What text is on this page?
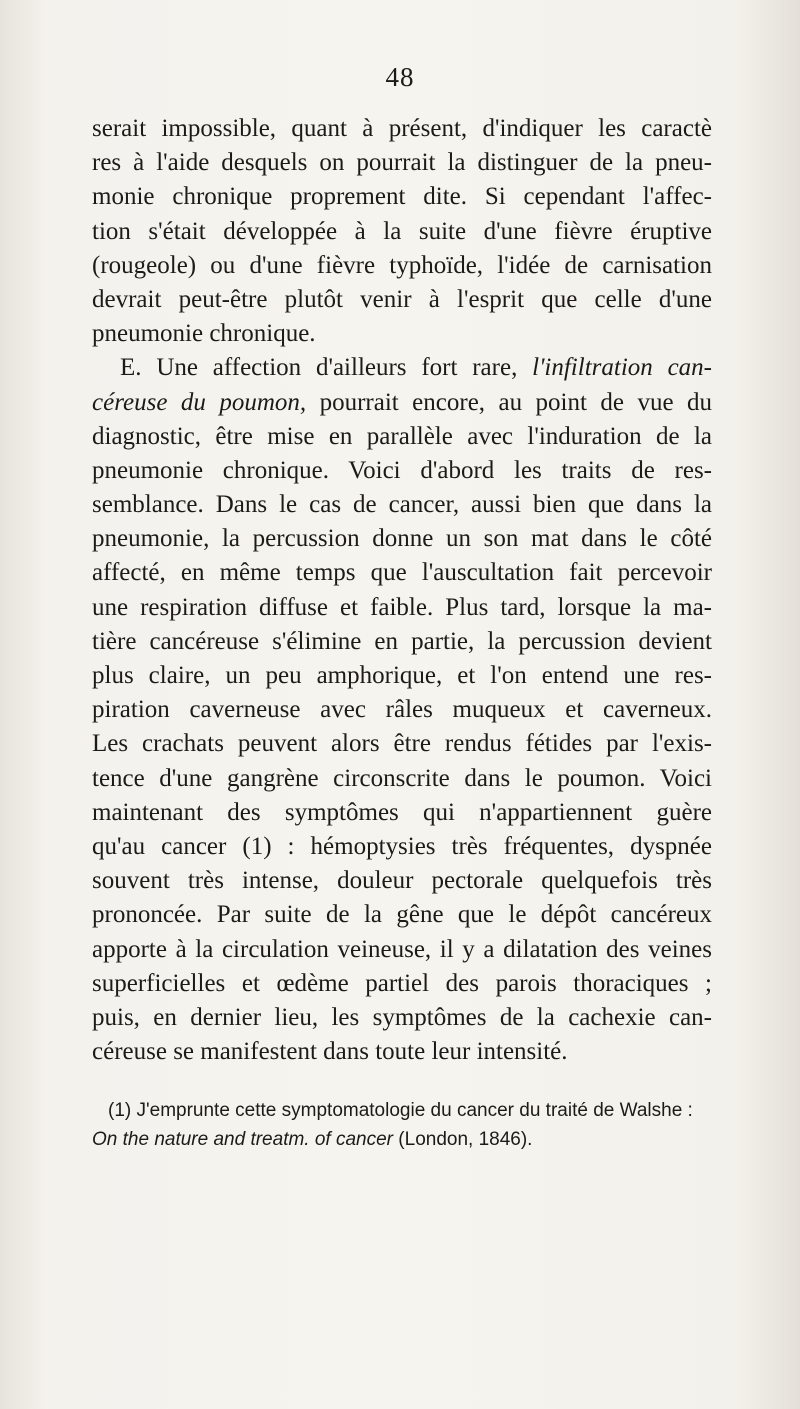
48
serait impossible, quant à présent, d'indiquer les caractè
res à l'aide desquels on pourrait la distinguer de la pneu-
monie chronique proprement dite. Si cependant l'affec-
tion s'était développée à la suite d'une fièvre éruptive
(rougeole) ou d'une fièvre typhoïde, l'idée de carnisation
devrait peut-être plutôt venir à l'esprit que celle d'une
pneumonie chronique.
E. Une affection d'ailleurs fort rare, l'infiltration can-
céreuse du poumon, pourrait encore, au point de vue du
diagnostic, être mise en parallèle avec l'induration de la
pneumonie chronique. Voici d'abord les traits de res-
semblance. Dans le cas de cancer, aussi bien que dans la
pneumonie, la percussion donne un son mat dans le côté
affecté, en même temps que l'auscultation fait percevoir
une respiration diffuse et faible. Plus tard, lorsque la ma-
tière cancéreuse s'élimine en partie, la percussion devient
plus claire, un peu amphorique, et l'on entend une res-
piration caverneuse avec râles muqueux et caverneux.
Les crachats peuvent alors être rendus fétides par l'exis-
tence d'une gangrène circonscrite dans le poumon. Voici
maintenant des symptômes qui n'appartiennent guère
qu'au cancer (1) : hémoptysies très fréquentes, dyspnée
souvent très intense, douleur pectorale quelquefois très
prononcée. Par suite de la gêne que le dépôt cancéreux
apporte à la circulation veineuse, il y a dilatation des veines
superficielles et œdème partiel des parois thoraciques ;
puis, en dernier lieu, les symptômes de la cachexie can-
céreuse se manifestent dans toute leur intensité.
(1) J'emprunte cette symptomatologie du cancer du traité de Walshe :
On the nature and treatm. of cancer (London, 1846).
